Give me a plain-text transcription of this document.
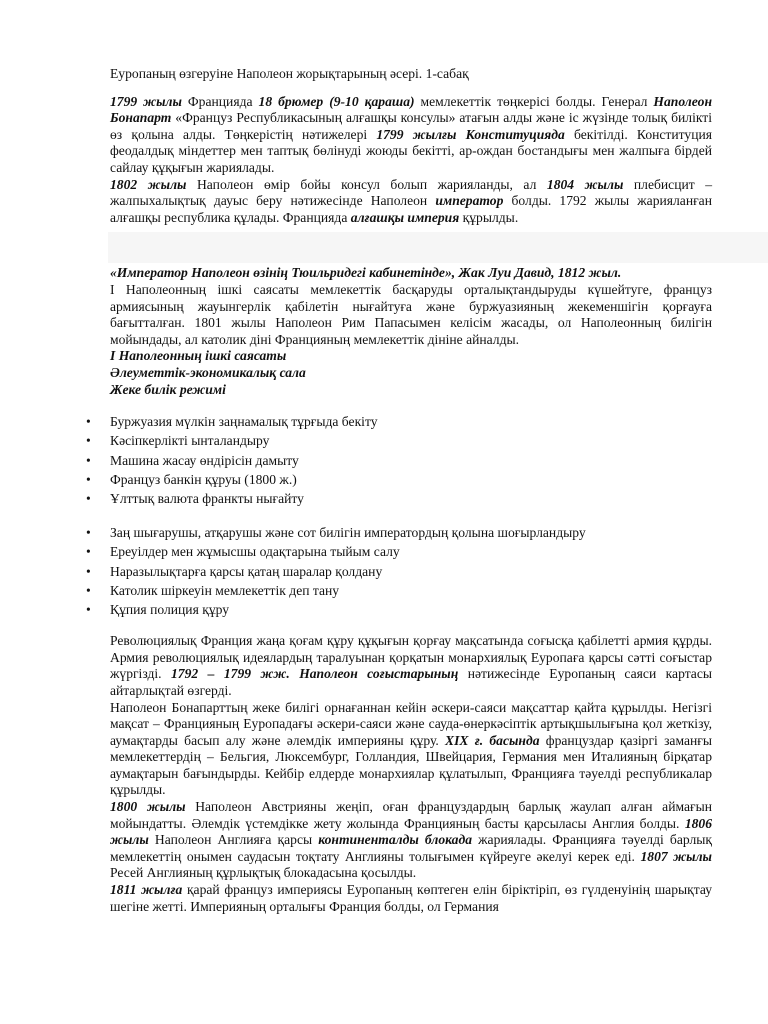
Еуропаның өзгеруіне Наполеон жорықтарының әсері. 1-сабақ

1799 жылы Францияда 18 брюмер (9-10 қараша) мемлекеттік төңкерісі болды. Генерал Наполеон Бонапарт «Француз Республикасының алғашқы консулы» атағын алды және іс жүзінде толық билікті өз қолына алды. Төңкерістің нәтижелері 1799 жылғы Конституцияда бекітілді. Конституция феодалдық міндеттер мен таптық бөлінуді жоюды бекітті, ар-ождан бостандығы мен жалпыға бірдей сайлау құқығын жариялады.

1802 жылы Наполеон өмір бойы консул болып жарияланды, ал 1804 жылы плебисцит – жалпыхалықтық дауыс беру нәтижесінде Наполеон император болды. 1792 жылы жарияланған алғашқы республика құлады. Францияда алғашқы империя құрылды.

«Император Наполеон өзінің Тюильридегі кабинетінде», Жак Луи Давид, 1812 жыл.

І Наполеонның ішкі саясаты мемлекеттік басқаруды орталықтандыруды күшейтуге, француз армиясының жауынгерлік қабілетін нығайтуға және буржуазияның жекеменшігін қорғауға бағытталған. 1801 жылы Наполеон Рим Папасымен келісім жасады, ол Наполеонның билігін мойындады, ал католик діні Францияның мемлекеттік дініне айналды.

І Наполеонның ішкі саясаты

Әлеуметтік-экономикалық сала

Жеке билік режимі

• Буржуазия мүлкін заңнамалық тұрғыда бекіту
• Кәсіпкерлікті ынталандыру
• Машина жасау өндірісін дамыту
• Француз банкін құруы (1800 ж.)
• Ұлттық валюта франкты нығайту
• Заң шығарушы, атқарушы және сот билігін императордың қолына шоғырландыру
• Ереуілдер мен жұмысшы одақтарына тыйым салу
• Наразылықтарға қарсы қатаң шаралар қолдану
• Католик шіркеуін мемлекеттік деп тану
• Құпия полиция құру

Революциялық Франция жаңа қоғам құру құқығын қорғау мақсатында соғысқа қабілетті армия құрды. Армия революциялық идеялардың таралуынан қорқатын монархиялық Еуропаға қарсы сәтті соғыстар жүргізді. 1792 – 1799 жж. Наполеон соғыстарының нәтижесінде Еуропаның саяси картасы айтарлықтай өзгерді.

Наполеон Бонапарттың жеке билігі орнағаннан кейін әскери-саяси мақсаттар қайта құрылды. Негізгі мақсат – Францияның Еуропадағы әскери-саяси және сауда-өнеркәсіптік артықшылығына қол жеткізу, аумақтарды басып алу және әлемдік империяны құру. XIX ғ. басында француздар қазіргі заманғы мемлекеттердің – Бельгия, Люксембург, Голландия, Швейцария, Германия мен Италияның бірқатар аумақтарын бағындырды. Кейбір елдерде монархиялар құлатылып, Францияға тәуелді республикалар құрылды.

1800 жылы Наполеон Австрияны жеңіп, оған француздардың барлық жаулап алған аймағын мойындатты. Әлемдік үстемдікке жету жолында Францияның басты қарсыласы Англия болды. 1806 жылы Наполеон Англияға қарсы континенталды блокада жариялады. Францияға тәуелді барлық мемлекеттің онымен саудасын тоқтату Англияны толығымен күйреуге әкелуі керек еді. 1807 жылы Ресей Англияның құрлықтық блокадасына қосылды.

1811 жылға қарай француз империясы Еуропаның көптеген елін біріктіріп, өз гүлденуінің шарықтау шегіне жетті. Империяның орталығы Франция болды, ол Германия
